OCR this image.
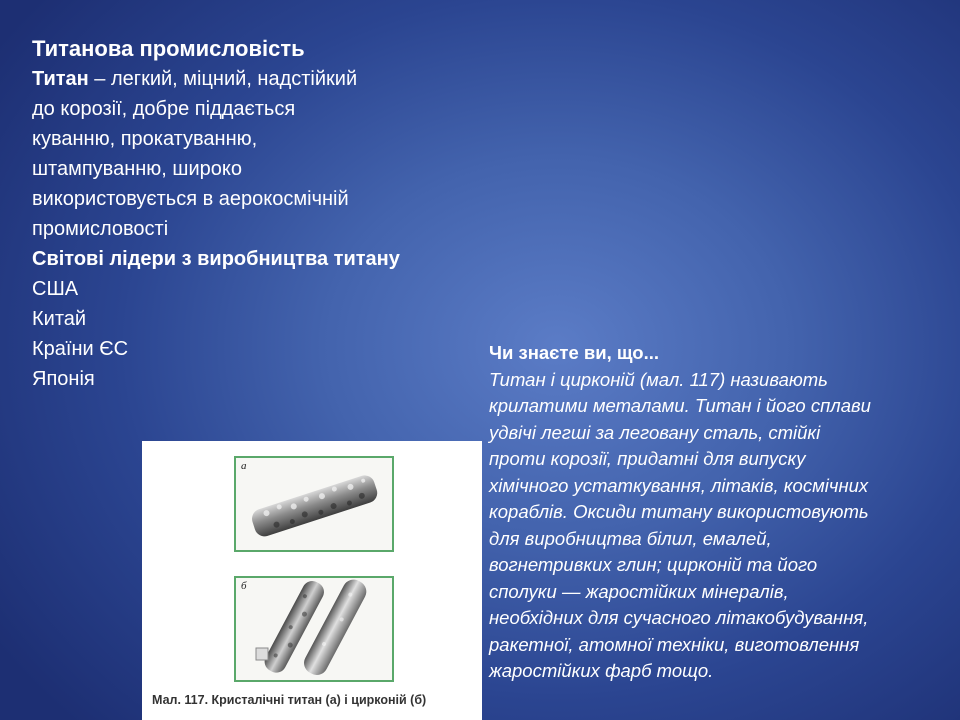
Титанова промисловість
Титан – легкий, міцний, надстійкий
до корозії, добре піддається
куванню, прокатуванню,
штампуванню, широко
використовується в аерокосмічній
промисловості
Світові лідери з виробництва титану
США
Китай
Країни ЄС
Японія
а
б
Мал. 117. Кристалічні титан (а) і цирконій (б)
Чи знаєте ви, що...
Титан і цирконій (мал. 117) називають
крилатими металами. Титан і його сплави
удвічі легші за леговану сталь, стійкі
проти корозії, придатні для випуску
хімічного устаткування, літаків, космічних
кораблів. Оксиди титану використовують
для виробництва білил, емалей,
вогнетривких глин; цирконій та його
сполуки — жаростійких мінералів,
необхідних для сучасного літакобудування,
ракетної, атомної техніки, виготовлення
жаростійких фарб тощо.
